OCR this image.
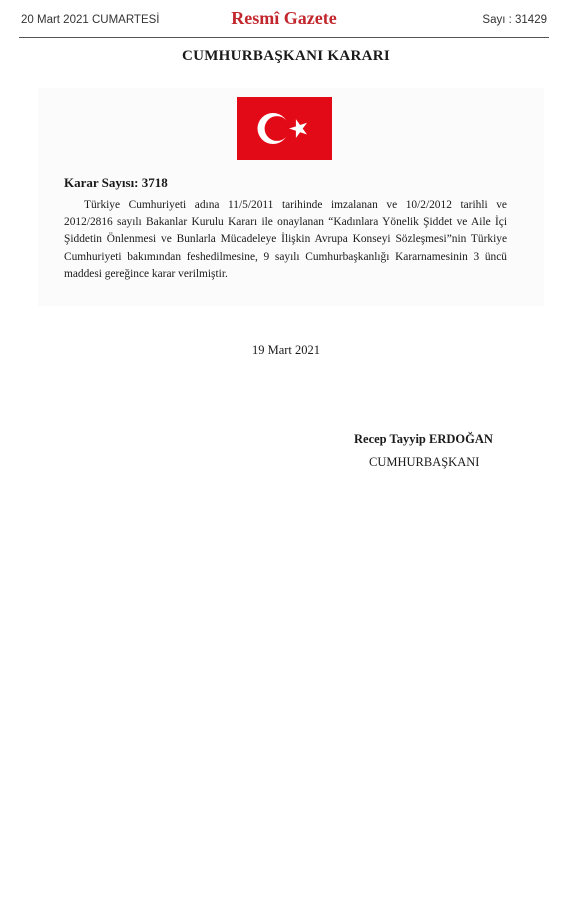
20 Mart 2021 CUMARTESİ	Resmî Gazete	Sayı : 31429
CUMHURBAŞKANI KARARI
Karar Sayısı: 3718
Türkiye Cumhuriyeti adına 11/5/2011 tarihinde imzalanan ve 10/2/2012 tarihli ve
2012/2816 sayılı Bakanlar Kurulu Kararı ile onaylanan “Kadınlara Yönelik Şiddet ve Aile İçi
Şiddetin Önlenmesi ve Bunlarla Mücadeleye İlişkin Avrupa Konseyi Sözleşmesi”nin Türkiye
Cumhuriyeti bakımından feshedilmesine, 9 sayılı Cumhurbaşkanlığı Kararnamesinin 3 üncü
maddesi gereğince karar verilmiştir.
19 Mart 2021
Recep Tayyip ERDOĞAN
CUMHURBAŞKANI
